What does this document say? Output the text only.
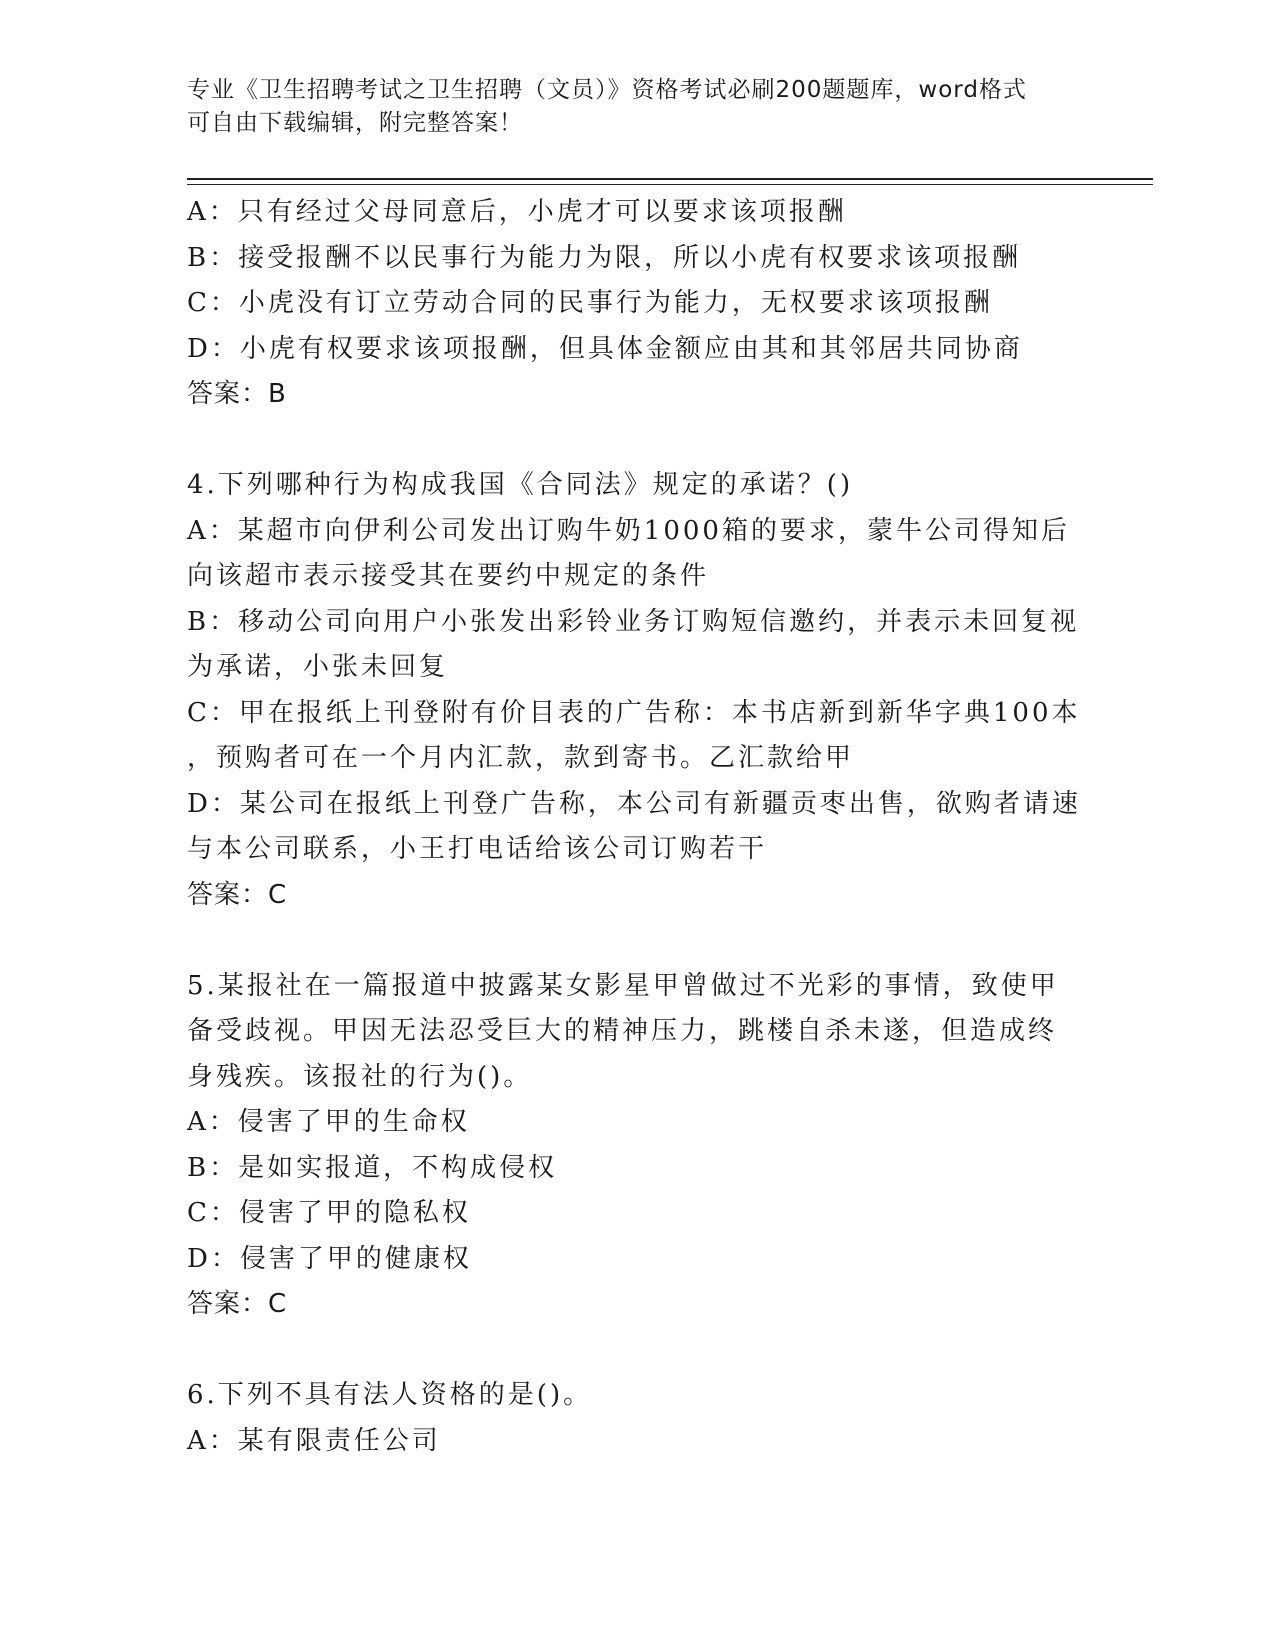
专业《卫生招聘考试之卫生招聘（文员）》资格考试必刷200题题库，word格式
可自由下载编辑，附完整答案！

A：只有经过父母同意后，小虎才可以要求该项报酬

B：接受报酬不以民事行为能力为限，所以小虎有权要求该项报酬

C：小虎没有订立劳动合同的民事行为能力，无权要求该项报酬

D：小虎有权要求该项报酬，但具体金额应由其和其邻居共同协商

答案：B

4.下列哪种行为构成我国《合同法》规定的承诺？()

A：某超市向伊利公司发出订购牛奶1000箱的要求，蒙牛公司得知后

向该超市表示接受其在要约中规定的条件

B：移动公司向用户小张发出彩铃业务订购短信邀约，并表示未回复视

为承诺，小张未回复

C：甲在报纸上刊登附有价目表的广告称：本书店新到新华字典100本

，预购者可在一个月内汇款，款到寄书。乙汇款给甲

D：某公司在报纸上刊登广告称，本公司有新疆贡枣出售，欲购者请速

与本公司联系，小王打电话给该公司订购若干

答案：C

5.某报社在一篇报道中披露某女影星甲曾做过不光彩的事情，致使甲

备受歧视。甲因无法忍受巨大的精神压力，跳楼自杀未遂，但造成终

身残疾。该报社的行为()。

A：侵害了甲的生命权

B：是如实报道，不构成侵权

C：侵害了甲的隐私权

D：侵害了甲的健康权

答案：C

6.下列不具有法人资格的是()。

A：某有限责任公司
